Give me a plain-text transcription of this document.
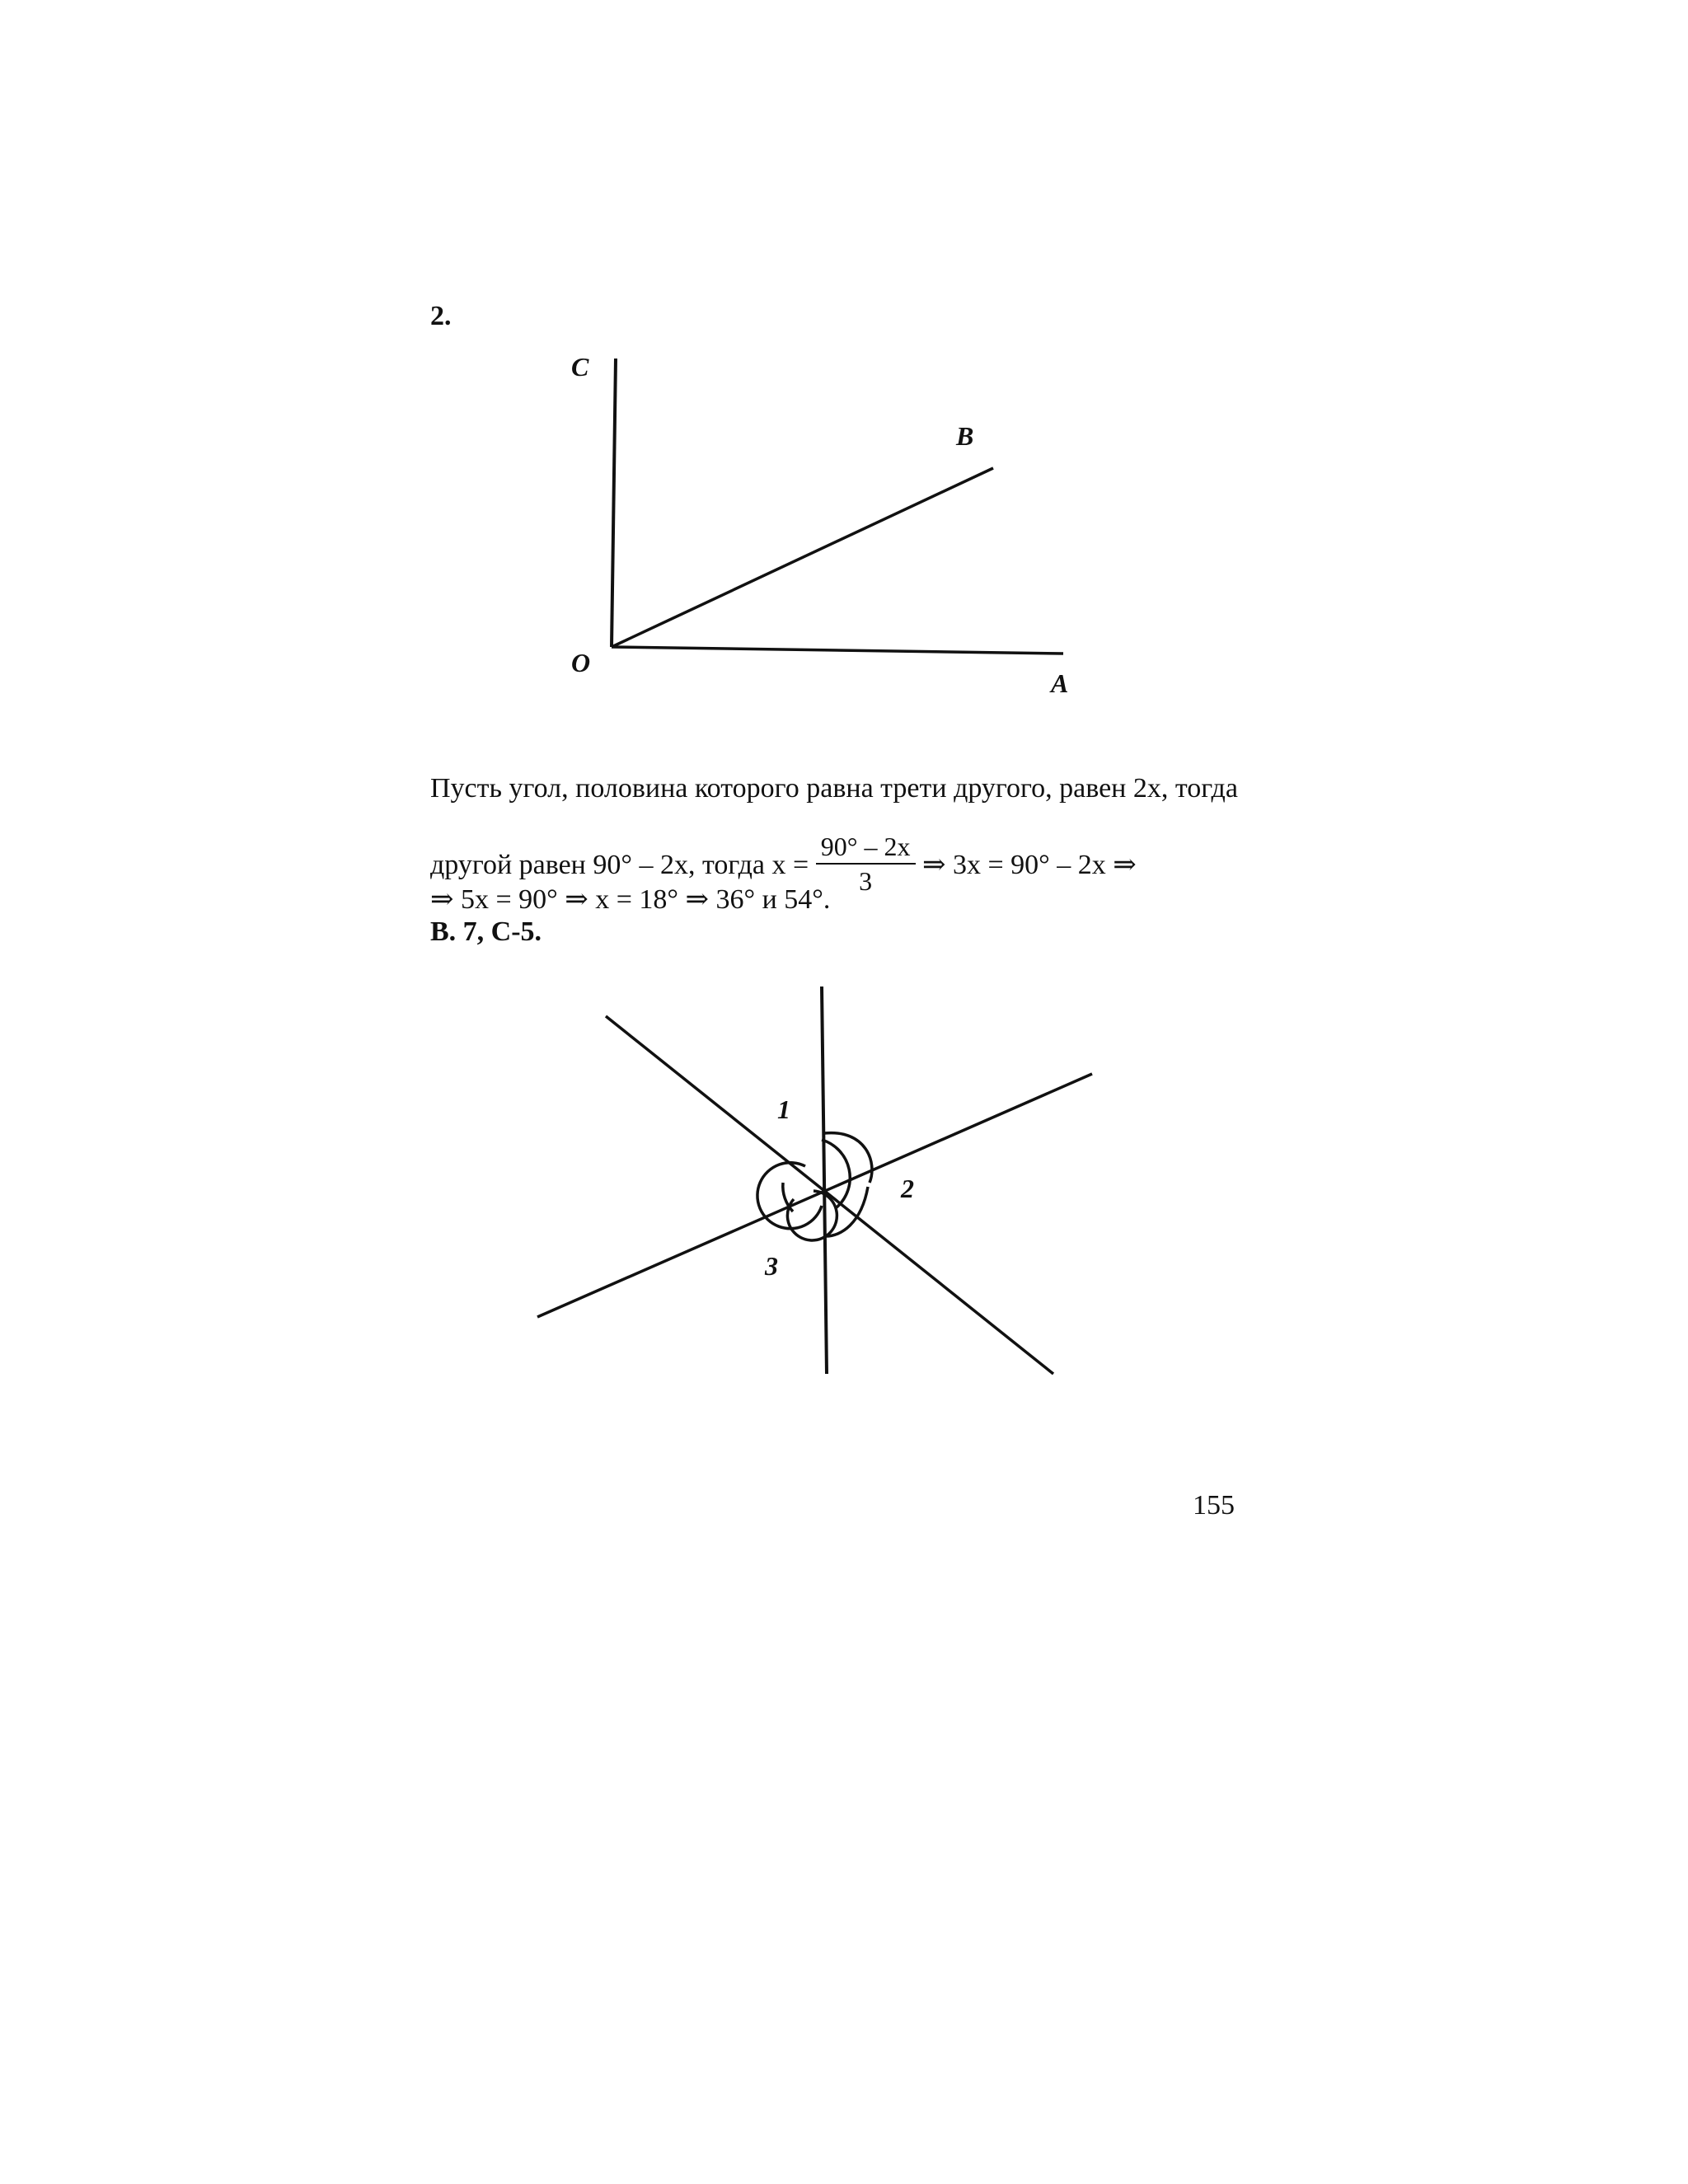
2.
C
B
O
A
Пусть угол, половина которого равна трети другого, равен 2x, тогда
другой равен 90° – 2x, тогда $x = \frac{90^\circ - 2x}{3}$ ⇒ 3x = 90° – 2x ⇒
⇒ 5x = 90° ⇒ x = 18° ⇒ 36° и 54°.
В. 7, С-5.
1
2
3
155
